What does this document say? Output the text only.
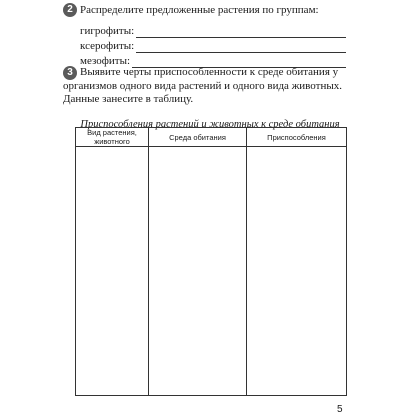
2 Распределите предложенные растения по группам:
гигрофиты:
ксерофиты:
мезофиты:
3 Выявите черты приспособленности к среде обитания у организмов одного вида растений и одного вида животных. Данные занесите в таблицу.
Приспособления растений и животных к среде обитания
Вид растения, животного	Среда обитания	Приспособления

5
